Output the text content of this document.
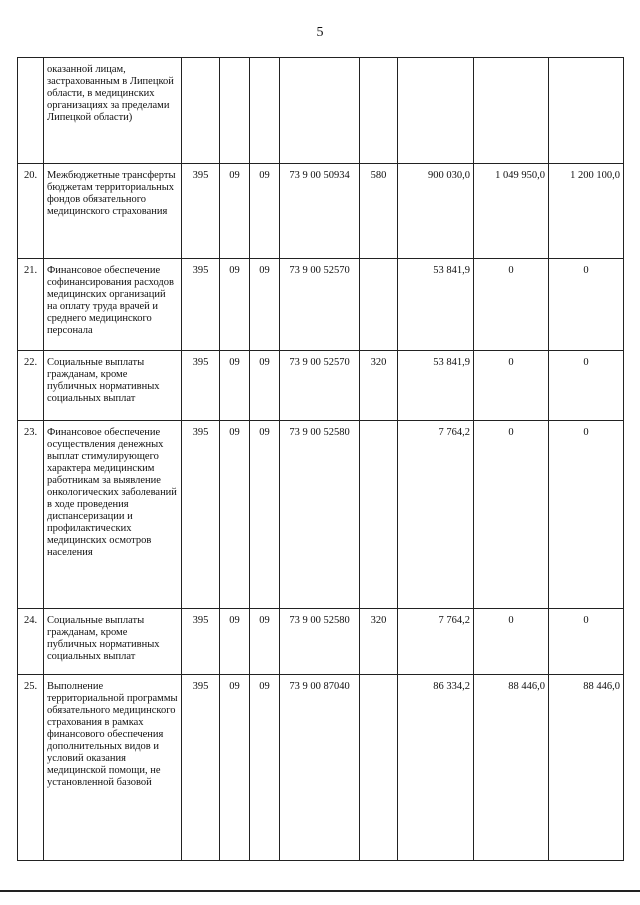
5
	оказанной лицам, застрахованным в Липецкой области, в медицинских организациях за пределами Липецкой области)								
20.	Межбюджетные трансферты бюджетам территориальных фондов обязательного медицинского страхования	395	09	09	73 9 00 50934	580	900 030,0	1 049 950,0	1 200 100,0
21.	Финансовое обеспечение софинансирования расходов медицинских организаций на оплату труда врачей и среднего медицинского персонала	395	09	09	73 9 00 52570		53 841,9	0	0
22.	Социальные выплаты гражданам, кроме публичных нормативных социальных выплат	395	09	09	73 9 00 52570	320	53 841,9	0	0
23.	Финансовое обеспечение осуществления денежных выплат стимулирующего характера медицинским работникам за выявление онкологических заболеваний в ходе проведения диспансеризации и профилактических медицинских осмотров населения	395	09	09	73 9 00 52580		7 764,2	0	0
24.	Социальные выплаты гражданам, кроме публичных нормативных социальных выплат	395	09	09	73 9 00 52580	320	7 764,2	0	0
25.	Выполнение территориальной программы обязательного медицинского страхования в рамках финансового обеспечения дополнительных видов и условий оказания медицинской помощи, не установленной базовой	395	09	09	73 9 00 87040		86 334,2	88 446,0	88 446,0
